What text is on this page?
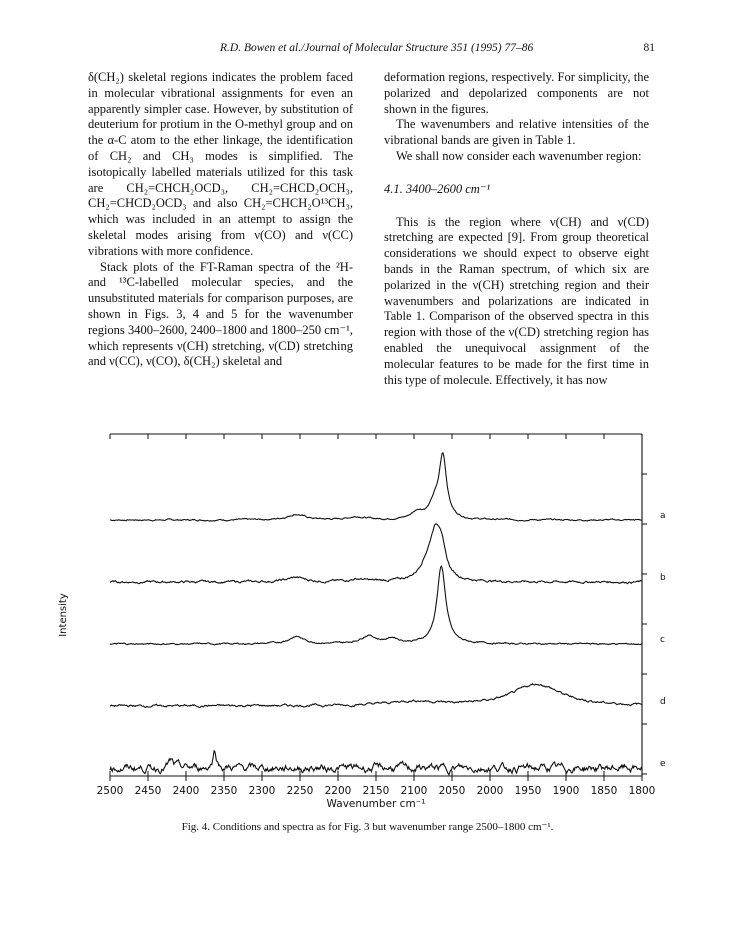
R.D. Bowen et al./Journal of Molecular Structure 351 (1995) 77–86	81

δ(CH₂) skeletal regions indicates the problem faced in molecular vibrational assignments for even an apparently simpler case. However, by substitution of deuterium for protium in the O-methyl group and on the α-C atom to the ether linkage, the identification of CH₂ and CH₃ modes is simplified. The isotopically labelled materials utilized for this task are CH₂=CHCH₂OCD₃, CH₂=CHCD₂OCH₃, CH₂=CHCD₂OCD₃ and also CH₂=CHCH₂O¹³CH₃, which was included in an attempt to assign the skeletal modes arising from ν(CO) and ν(CC) vibrations with more confidence.

Stack plots of the FT-Raman spectra of the ²H- and ¹³C-labelled molecular species, and the unsubstituted materials for comparison purposes, are shown in Figs. 3, 4 and 5 for the wavenumber regions 3400–2600, 2400–1800 and 1800–250 cm⁻¹, which represents ν(CH) stretching, ν(CD) stretching and ν(CC), ν(CO), δ(CH₂) skeletal and

deformation regions, respectively. For simplicity, the polarized and depolarized components are not shown in the figures.

The wavenumbers and relative intensities of the vibrational bands are given in Table 1.

We shall now consider each wavenumber region:

4.1. 3400–2600 cm⁻¹

This is the region where ν(CH) and ν(CD) stretching are expected [9]. From group theoretical considerations we should expect to observe eight bands in the Raman spectrum, of which six are polarized in the ν(CH) stretching region and their wavenumbers and polarizations are indicated in Table 1. Comparison of the observed spectra in this region with those of the ν(CD) stretching region has enabled the unequivocal assignment of the molecular features to be made for the first time in this type of molecule. Effectively, it has now

2500 2450 2400 2350 2300 2250 2200 2150 2100 2050 2000 1950 1900 1850 1800
Wavenumber cm⁻¹
Intensity
a
b
c
d
e
Fig. 4. Conditions and spectra as for Fig. 3 but wavenumber range 2500–1800 cm⁻¹.
